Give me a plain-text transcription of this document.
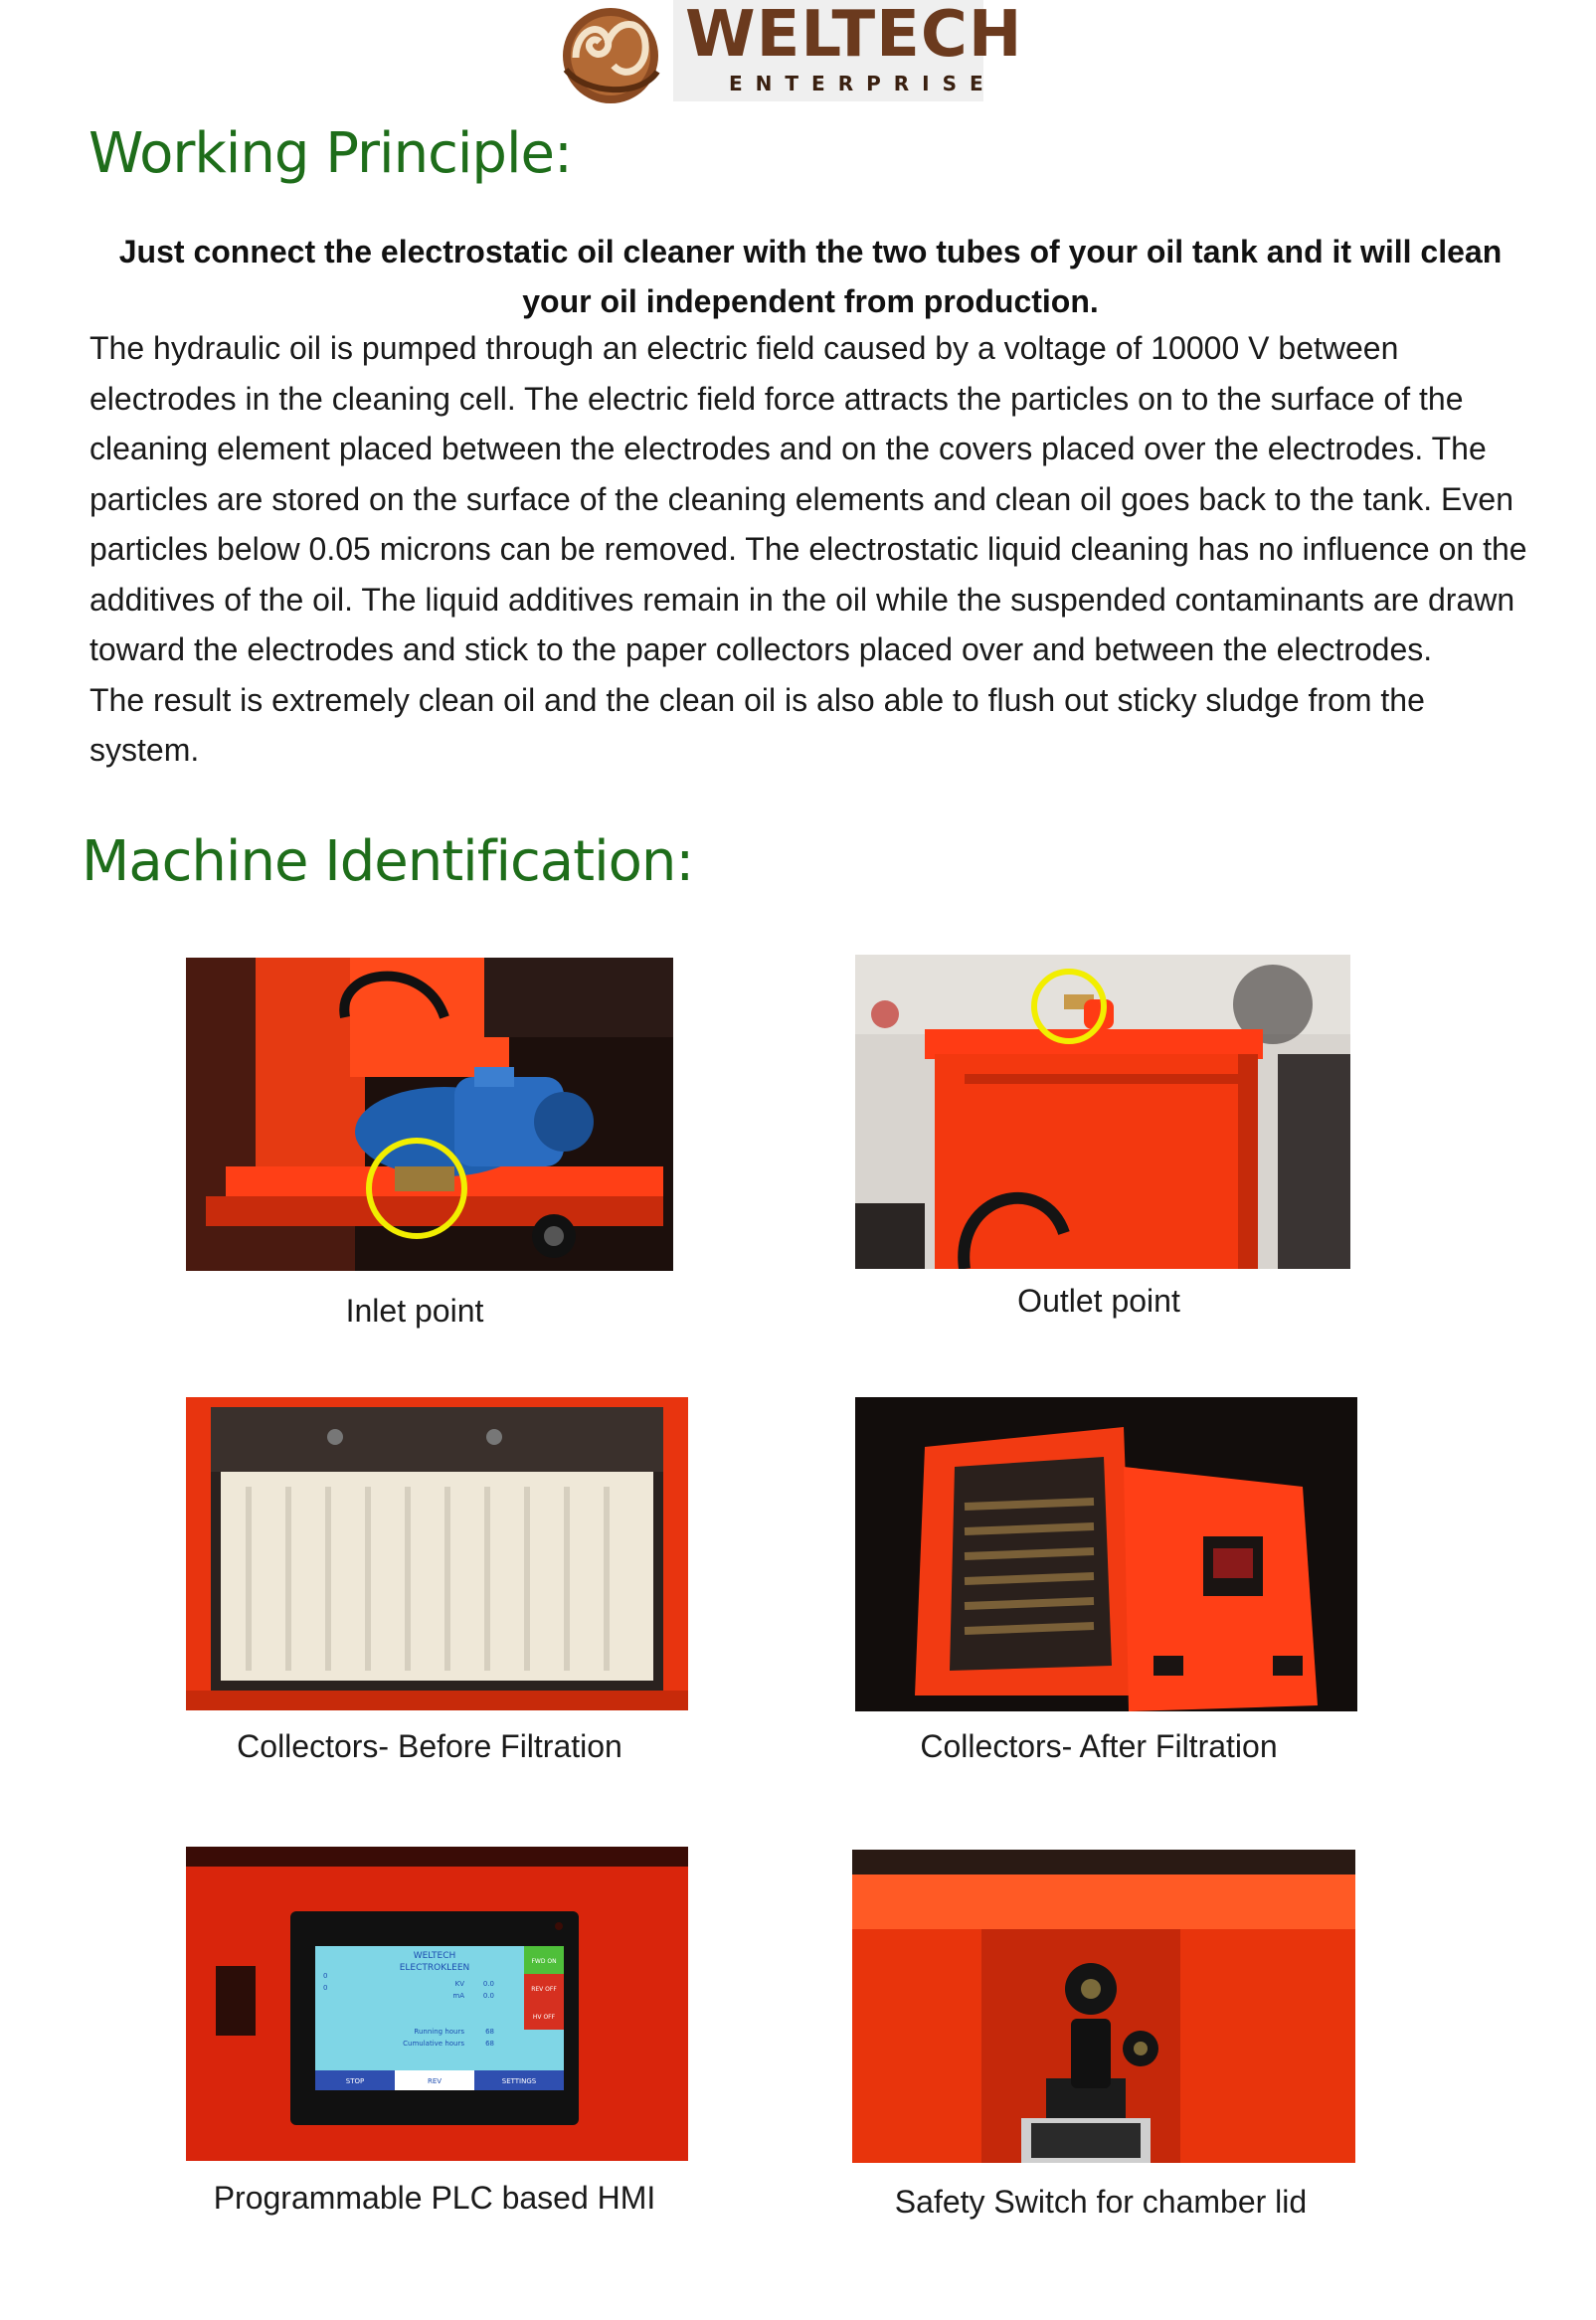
WELTECH
ENTERPRISE
Working Principle:
Just connect the electrostatic oil cleaner with the two tubes of your oil tank and it will clean your oil independent from production.

The hydraulic oil is pumped through an electric field caused by a voltage of 10000 V between electrodes in the cleaning cell. The electric field force attracts the particles on to the surface of the cleaning element placed between the electrodes and on the covers placed over the electrodes. The particles are stored on the surface of the cleaning elements and clean oil goes back to the tank. Even particles below 0.05 microns can be removed. The electrostatic liquid cleaning has no influence on the additives of the oil. The liquid additives remain in the oil while the suspended contaminants are drawn toward the electrodes and stick to the paper collectors placed over and between the electrodes.

The result is extremely clean oil and the clean oil is also able to flush out sticky sludge from the system.

Machine Identification:
Inlet point	Outlet point
Collectors- Before Filtration	Collectors- After Filtration
WELTECH
ELECTROKLEEN
0
0	KV	0.0
mA	0.0
Running hours	68
Cumulative hours	68
FWD ON
REV OFF
HV OFF
STOP	REV	SETTINGS
Programmable PLC based HMI	Safety Switch for chamber lid
